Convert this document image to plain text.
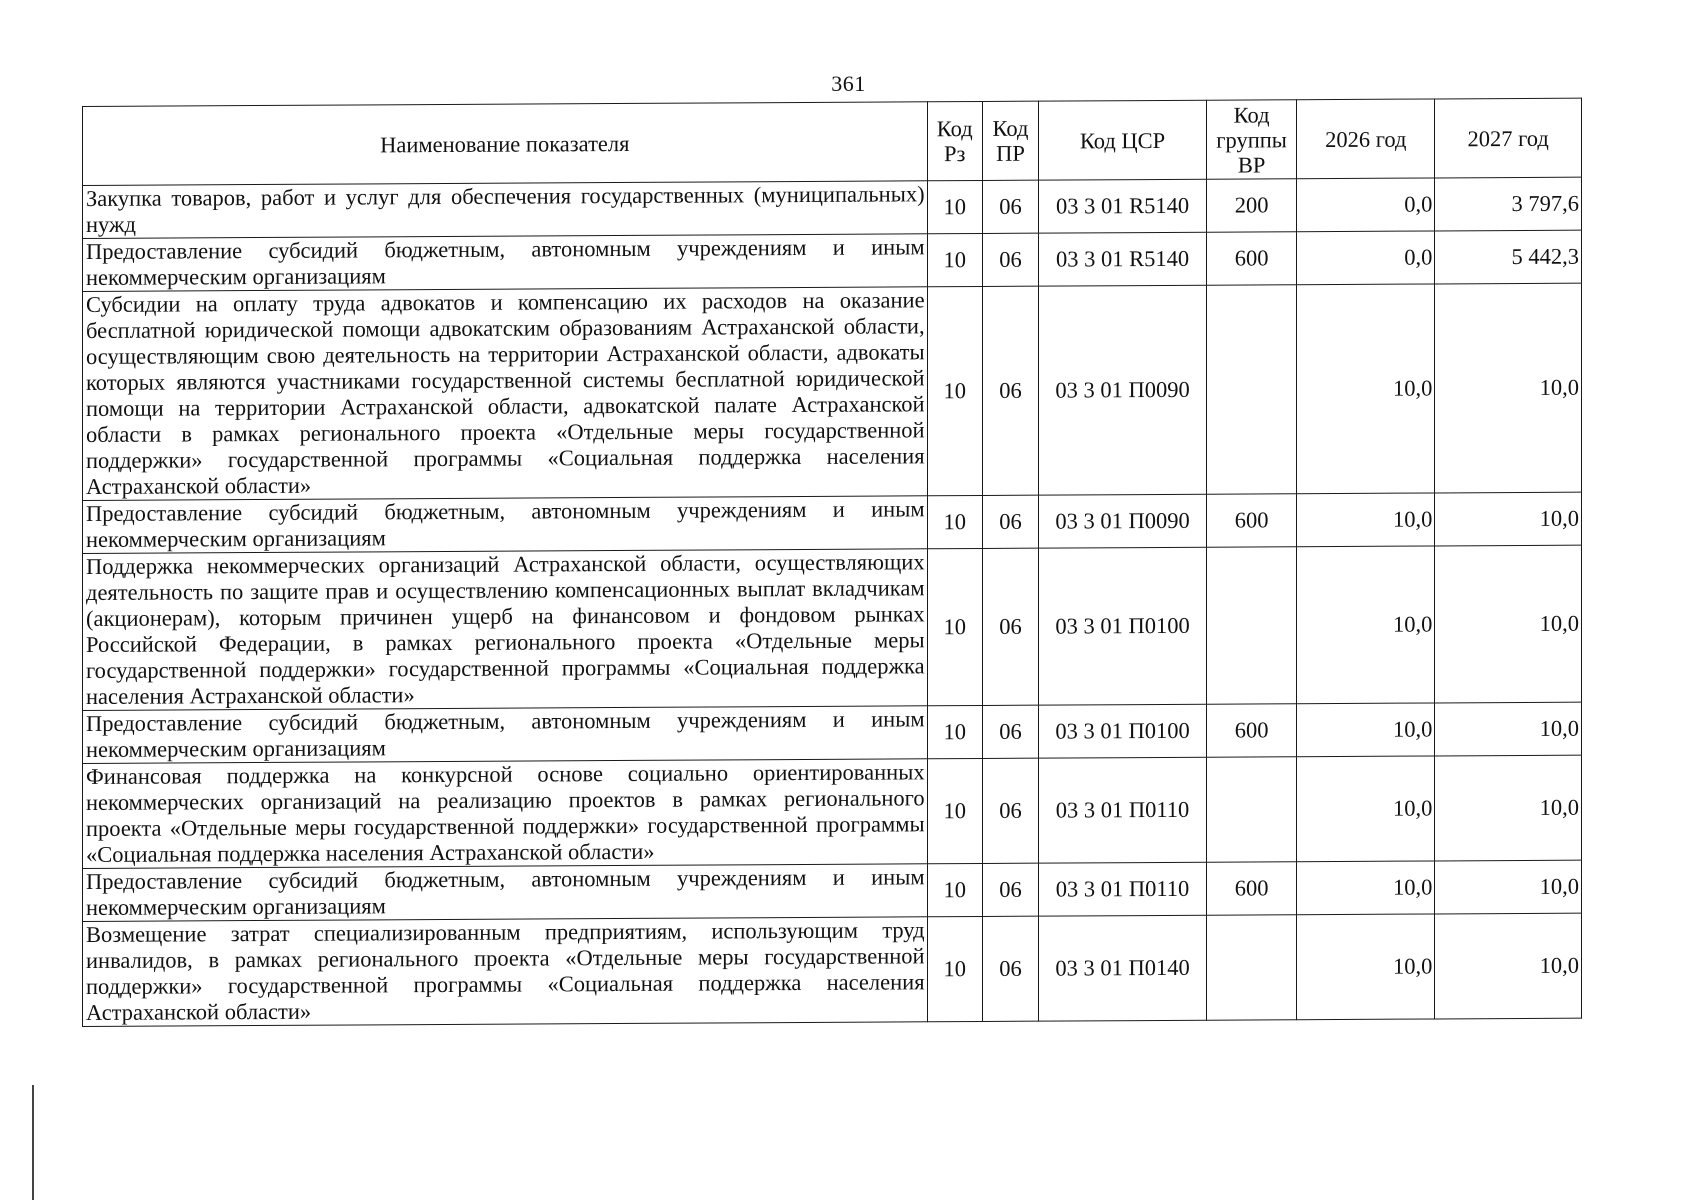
361
Наименование показателя	Код Рз	Код ПР	Код ЦСР	Код группы ВР	2026 год	2027 год
Закупка товаров, работ и услуг для обеспечения государственных (муниципальных) нужд	10	06	03 3 01 R5140	200	0,0	3 797,6
Предоставление субсидий бюджетным, автономным учреждениям и иным некоммерческим организациям	10	06	03 3 01 R5140	600	0,0	5 442,3
Субсидии на оплату труда адвокатов и компенсацию их расходов на оказание бесплатной юридической помощи адвокатским образованиям Астраханской области, осуществляющим свою деятельность на территории Астраханской области, адвокаты которых являются участниками государственной системы бесплатной юридической помощи на территории Астраханской области, адвокатской палате Астраханской области в рамках регионального проекта «Отдельные меры государственной поддержки» государственной программы «Социальная поддержка населения Астраханской области»	10	06	03 3 01 П0090		10,0	10,0
Предоставление субсидий бюджетным, автономным учреждениям и иным некоммерческим организациям	10	06	03 3 01 П0090	600	10,0	10,0
Поддержка некоммерческих организаций Астраханской области, осуществляющих деятельность по защите прав и осуществлению компенсационных выплат вкладчикам (акционерам), которым причинен ущерб на финансовом и фондовом рынках Российской Федерации, в рамках регионального проекта «Отдельные меры государственной поддержки» государственной программы «Социальная поддержка населения Астраханской области»	10	06	03 3 01 П0100		10,0	10,0
Предоставление субсидий бюджетным, автономным учреждениям и иным некоммерческим организациям	10	06	03 3 01 П0100	600	10,0	10,0
Финансовая поддержка на конкурсной основе социально ориентированных некоммерческих организаций на реализацию проектов в рамках регионального проекта «Отдельные меры государственной поддержки» государственной программы «Социальная поддержка населения Астраханской области»	10	06	03 3 01 П0110		10,0	10,0
Предоставление субсидий бюджетным, автономным учреждениям и иным некоммерческим организациям	10	06	03 3 01 П0110	600	10,0	10,0
Возмещение затрат специализированным предприятиям, использующим труд инвалидов, в рамках регионального проекта «Отдельные меры государственной поддержки» государственной программы «Социальная поддержка населения Астраханской области»	10	06	03 3 01 П0140		10,0	10,0
